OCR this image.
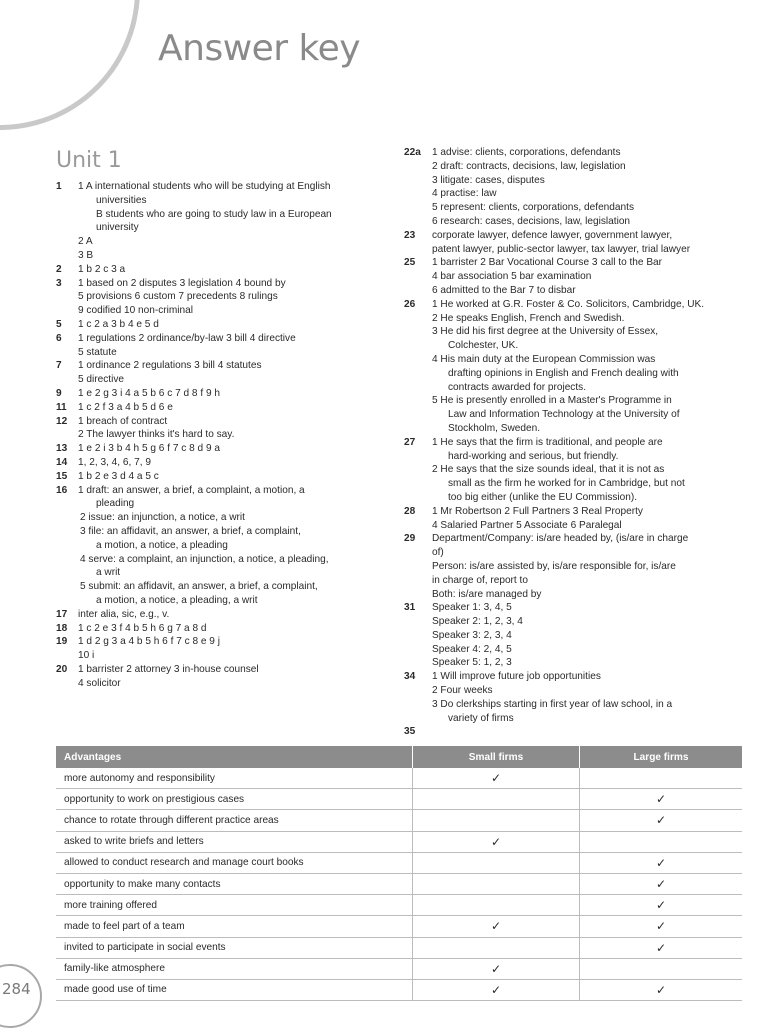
Answer key
Unit 1
1 1 A international students who will be studying at English
universities
B students who are going to study law in a European
university
2 A
3 B
2 1 b 2 c 3 a
3 1 based on 2 disputes 3 legislation 4 bound by
5 provisions 6 custom 7 precedents 8 rulings
9 codified 10 non-criminal
5 1 c 2 a 3 b 4 e 5 d
6 1 regulations 2 ordinance/by-law 3 bill 4 directive
5 statute
7 1 ordinance 2 regulations 3 bill 4 statutes
5 directive
9 1 e 2 g 3 i 4 a 5 b 6 c 7 d 8 f 9 h
11 1 c 2 f 3 a 4 b 5 d 6 e
12 1 breach of contract
2 The lawyer thinks it's hard to say.
13 1 e 2 i 3 b 4 h 5 g 6 f 7 c 8 d 9 a
14 1, 2, 3, 4, 6, 7, 9
15 1 b 2 e 3 d 4 a 5 c
16 1 draft: an answer, a brief, a complaint, a motion, a
pleading
2 issue: an injunction, a notice, a writ
3 file: an affidavit, an answer, a brief, a complaint,
a motion, a notice, a pleading
4 serve: a complaint, an injunction, a notice, a pleading,
a writ
5 submit: an affidavit, an answer, a brief, a complaint,
a motion, a notice, a pleading, a writ
17 inter alia, sic, e.g., v.
18 1 c 2 e 3 f 4 b 5 h 6 g 7 a 8 d
19 1 d 2 g 3 a 4 b 5 h 6 f 7 c 8 e 9 j
10 i
20 1 barrister 2 attorney 3 in-house counsel
4 solicitor
22a 1 advise: clients, corporations, defendants
2 draft: contracts, decisions, law, legislation
3 litigate: cases, disputes
4 practise: law
5 represent: clients, corporations, defendants
6 research: cases, decisions, law, legislation
23 corporate lawyer, defence lawyer, government lawyer,
patent lawyer, public-sector lawyer, tax lawyer, trial lawyer
25 1 barrister 2 Bar Vocational Course 3 call to the Bar
4 bar association 5 bar examination
6 admitted to the Bar 7 to disbar
26 1 He worked at G.R. Foster & Co. Solicitors, Cambridge, UK.
2 He speaks English, French and Swedish.
3 He did his first degree at the University of Essex,
Colchester, UK.
4 His main duty at the European Commission was
drafting opinions in English and French dealing with
contracts awarded for projects.
5 He is presently enrolled in a Master's Programme in
Law and Information Technology at the University of
Stockholm, Sweden.
27 1 He says that the firm is traditional, and people are
hard-working and serious, but friendly.
2 He says that the size sounds ideal, that it is not as
small as the firm he worked for in Cambridge, but not
too big either (unlike the EU Commission).
28 1 Mr Robertson 2 Full Partners 3 Real Property
4 Salaried Partner 5 Associate 6 Paralegal
29 Department/Company: is/are headed by, (is/are in charge
of)
Person: is/are assisted by, is/are responsible for, is/are
in charge of, report to
Both: is/are managed by
31 Speaker 1: 3, 4, 5
Speaker 2: 1, 2, 3, 4
Speaker 3: 2, 3, 4
Speaker 4: 2, 4, 5
Speaker 5: 1, 2, 3
34 1 Will improve future job opportunities
2 Four weeks
3 Do clerkships starting in first year of law school, in a
variety of firms
35
Advantages	Small firms	Large firms
more autonomy and responsibility	✓	
opportunity to work on prestigious cases		✓
chance to rotate through different practice areas		✓
asked to write briefs and letters	✓	
allowed to conduct research and manage court books		✓
opportunity to make many contacts		✓
more training offered		✓
made to feel part of a team	✓	✓
invited to participate in social events		✓
family-like atmosphere	✓	
made good use of time	✓	✓
284
